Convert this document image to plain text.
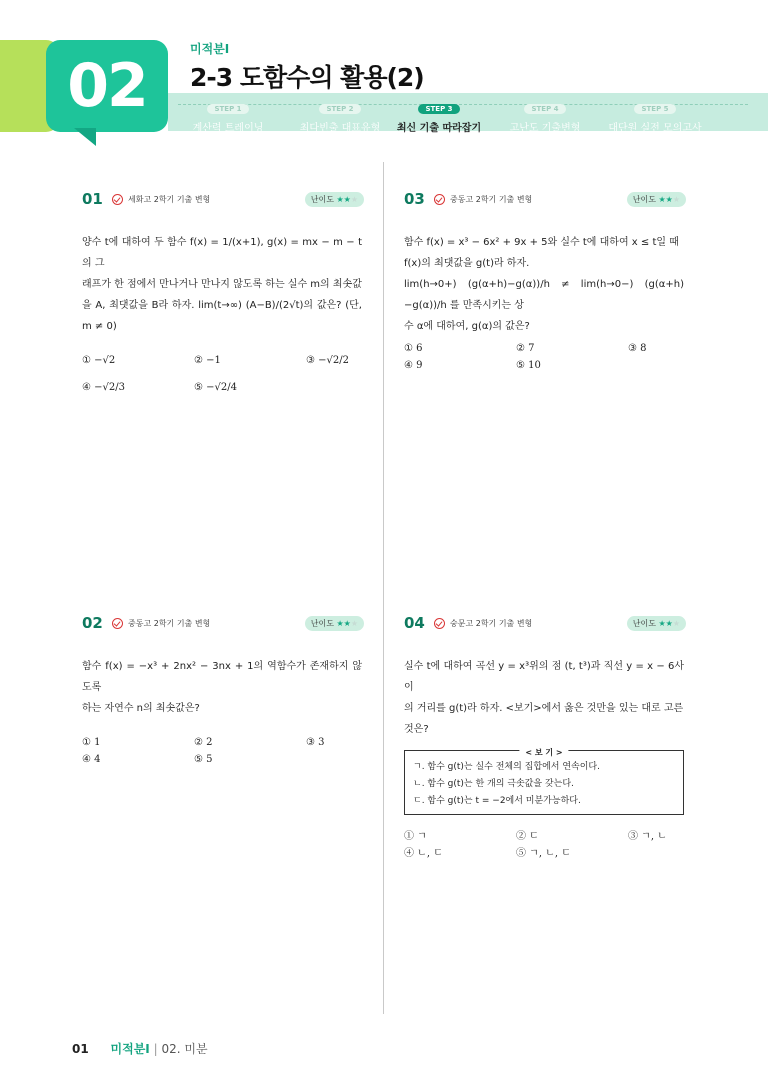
02
미적분I
2-3 도함수의 활용(2)
STEP 1
계산력 트레이닝
STEP 2
최다빈출 대표유형
STEP 3
최신 기출 따라잡기
STEP 4
고난도 기출변형
STEP 5
대단원 실전 모의고사
01	세화고 2학기 기출 변형	난이도 ★★★
양수 t에 대하여 두 함수 f(x) = 1/(x+1), g(x) = mx − m − t의 그
래프가 한 점에서 만나거나 만나지 않도록 하는 실수 m의 최솟값
을 A, 최댓값을 B라 하자. lim(t→∞) (A−B)/(2√t)의 값은? (단, m ≠ 0)
① −√2	② −1	③ −√2/2
④ −√2/3	⑤ −√2/4
03	중동고 2학기 기출 변형	난이도 ★★★
함수 f(x) = x³ − 6x² + 9x + 5와 실수 t에 대하여 x ≤ t일 때
f(x)의 최댓값을 g(t)라 하자.
lim(h→0+) (g(α+h)−g(α))/h ≠ lim(h→0−) (g(α+h)−g(α))/h 를 만족시키는 상
수 α에 대하여, g(α)의 값은?
① 6	② 7	③ 8
④ 9	⑤ 10
02	중동고 2학기 기출 변형	난이도 ★★★
함수 f(x) = −x³ + 2nx² − 3nx + 1의 역함수가 존재하지 않도록
하는 자연수 n의 최솟값은?
① 1	② 2	③ 3
④ 4	⑤ 5
04	숭문고 2학기 기출 변형	난이도 ★★★
실수 t에 대하여 곡선 y = x³위의 점 (t, t³)과 직선 y = x − 6사이
의 거리를 g(t)라 하자. <보기>에서 옳은 것만을 있는 대로 고른
것은?
< 보 기 >
ㄱ. 함수 g(t)는 실수 전체의 집합에서 연속이다.
ㄴ. 함수 g(t)는 한 개의 극솟값을 갖는다.
ㄷ. 함수 g(t)는 t = −2에서 미분가능하다.
① ㄱ	② ㄷ	③ ㄱ, ㄴ
④ ㄴ, ㄷ	⑤ ㄱ, ㄴ, ㄷ
01 미적분I | 02. 미분
